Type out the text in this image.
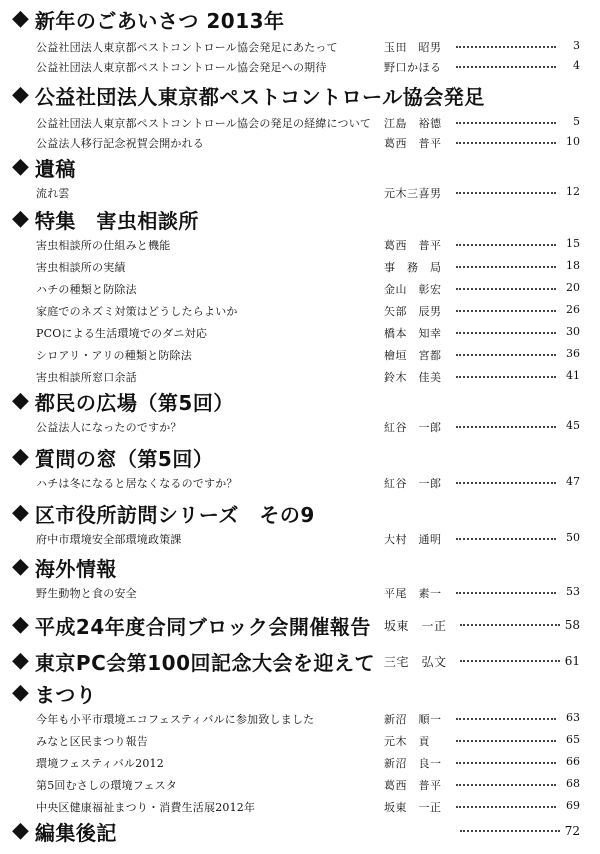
◆ 新年のごあいさつ 2013年
公益社団法人東京都ペストコントロール協会発足にあたって	玉田　昭男	3
公益社団法人東京都ペストコントロール協会発足への期待	野口かほる	4
◆ 公益社団法人東京都ペストコントロール協会発足
公益社団法人東京都ペストコントロール協会の発足の経緯について 江島　裕德	5
公益法人移行記念祝賀会開かれる	葛西　普平	10
◆ 遺稿
流れ雲	元木三喜男	12
◆ 特集　害虫相談所
害虫相談所の仕組みと機能	葛西　普平	15
害虫相談所の実績	事　務　局	18
ハチの種類と防除法	金山　彰宏	20
家庭でのネズミ対策はどうしたらよいか	矢部　辰男	26
PCOによる生活環境でのダニ対応	橋本　知幸	30
シロアリ・アリの種類と防除法	檜垣　宮都	36
害虫相談所窓口余話	鈴木　佳美	41
◆ 都民の広場（第5回）
公益法人になったのですか？	紅谷　一郎	45
◆ 質問の窓（第5回）
ハチは冬になると居なくなるのですか？	紅谷　一郎	47
◆ 区市役所訪問シリーズ　その9
府中市環境安全部環境政策課	大村　通明	50
◆ 海外情報
野生動物と食の安全	平尾　素一	53
◆ 平成24年度合同ブロック会開催報告 坂東　一正	58
◆ 東京PC会第100回記念大会を迎えて 三宅　弘文	61
◆ まつり
今年も小平市環境エコフェスティバルに参加致しました	新沼　順一	63
みなと区民まつり報告	元木　貢	65
環境フェスティバル2012	新沼　良一	66
第5回むさしの環境フェスタ	葛西　普平	68
中央区健康福祉まつり・消費生活展2012年	坂東　一正	69
◆ 編集後記	72
